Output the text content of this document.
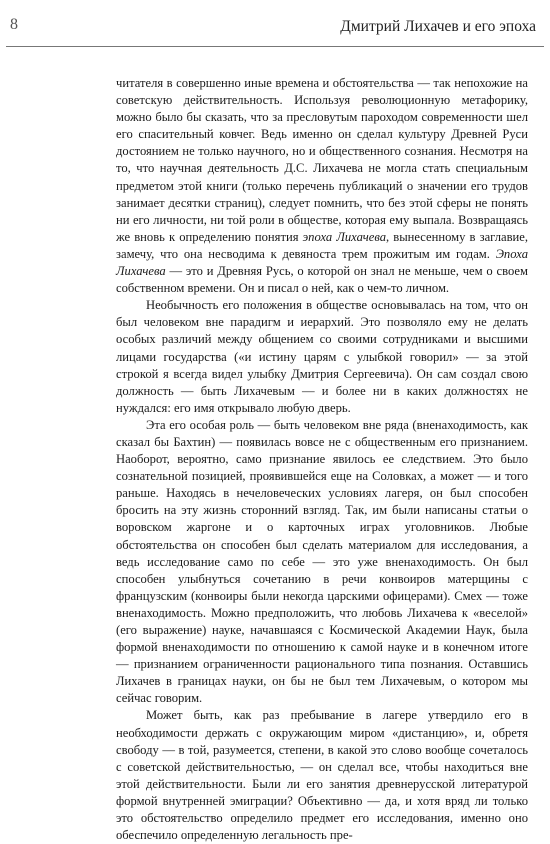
8	Дмитрий Лихачев и его эпоха

читателя в совершенно иные времена и обстоятельства — так непохожие на советскую действительность. Используя революционную метафорику, можно было бы сказать, что за пресловутым пароходом современности шел его спасительный ковчег. Ведь именно он сделал культуру Древней Руси достоянием не только научного, но и общественного сознания. Несмотря на то, что научная деятельность Д.С. Лихачева не могла стать специальным предметом этой книги (только перечень публикаций о значении его трудов занимает десятки страниц), следует помнить, что без этой сферы не понять ни его личности, ни той роли в обществе, которая ему выпала. Возвращаясь же вновь к определению понятия эпоха Лихачева, вынесенному в заглавие, замечу, что она несводима к девяноста трем прожитым им годам. Эпоха Лихачева — это и Древняя Русь, о которой он знал не меньше, чем о своем собственном времени. Он и писал о ней, как о чем-то личном.

Необычность его положения в обществе основывалась на том, что он был человеком вне парадигм и иерархий. Это позволяло ему не делать особых различий между общением со своими сотрудниками и высшими лицами государства («и истину царям с улыбкой говорил» — за этой строкой я всегда видел улыбку Дмитрия Сергеевича). Он сам создал свою должность — быть Лихачевым — и более ни в каких должностях не нуждался: его имя открывало любую дверь.

Эта его особая роль — быть человеком вне ряда (вненаходимость, как сказал бы Бахтин) — появилась вовсе не с общественным его признанием. Наоборот, вероятно, само признание явилось ее следствием. Это было сознательной позицией, проявившейся еще на Соловках, а может — и того раньше. Находясь в нечеловеческих условиях лагеря, он был способен бросить на эту жизнь сторонний взгляд. Так, им были написаны статьи о воровском жаргоне и о карточных играх уголовников. Любые обстоятельства он способен был сделать материалом для исследования, а ведь исследование само по себе — это уже вненаходимость. Он был способен улыбнуться сочетанию в речи конвоиров матерщины с французским (конвоиры были некогда царскими офицерами). Смех — тоже вненаходимость. Можно предположить, что любовь Лихачева к «веселой» (его выражение) науке, начавшаяся с Космической Академии Наук, была формой вненаходимости по отношению к самой науке и в конечном итоге — признанием ограниченности рационального типа познания. Оставшись Лихачев в границах науки, он бы не был тем Лихачевым, о котором мы сейчас говорим.

Может быть, как раз пребывание в лагере утвердило его в необходимости держать с окружающим миром «дистанцию», и, обретя свободу — в той, разумеется, степени, в какой это слово вообще сочеталось с советской действительностью, — он сделал все, чтобы находиться вне этой действительности. Были ли его занятия древнерусской литературой формой внутренней эмиграции? Объективно — да, и хотя вряд ли только это обстоятельство определило предмет его исследования, именно оно обеспечило определенную легальность пре-
